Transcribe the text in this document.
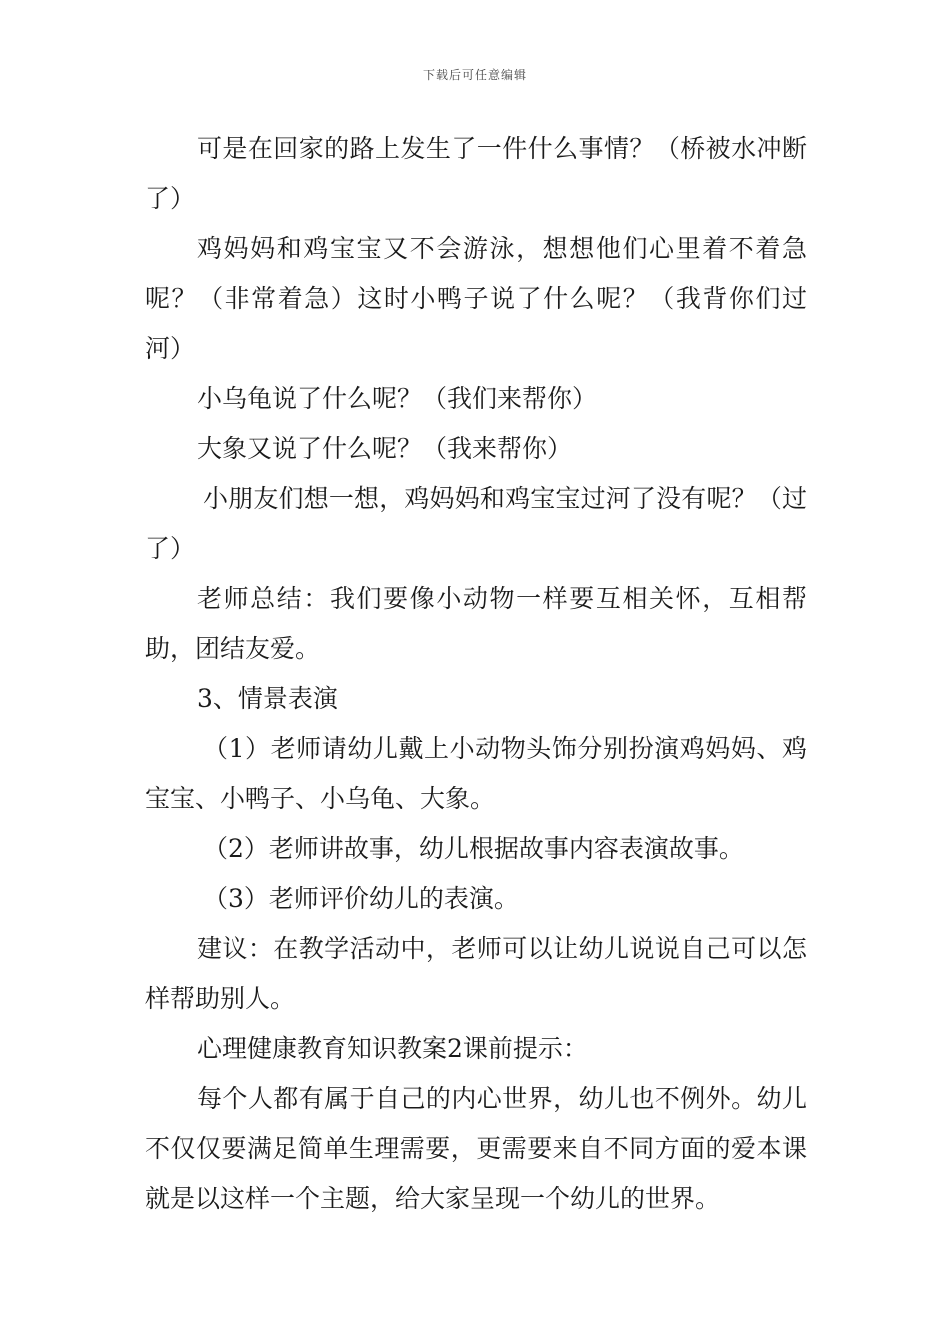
下载后可任意编辑

可是在回家的路上发生了一件什么事情？（桥被水冲断了）

鸡妈妈和鸡宝宝又不会游泳，想想他们心里着不着急呢？（非常着急）这时小鸭子说了什么呢？（我背你们过河）

小乌龟说了什么呢？（我们来帮你）

大象又说了什么呢？（我来帮你）

小朋友们想一想，鸡妈妈和鸡宝宝过河了没有呢？（过了）

老师总结：我们要像小动物一样要互相关怀，互相帮助，团结友爱。

3、情景表演

（1）老师请幼儿戴上小动物头饰分别扮演鸡妈妈、鸡宝宝、小鸭子、小乌龟、大象。

（2）老师讲故事，幼儿根据故事内容表演故事。

（3）老师评价幼儿的表演。

建议：在教学活动中，老师可以让幼儿说说自己可以怎样帮助别人。

心理健康教育知识教案2课前提示：

每个人都有属于自己的内心世界，幼儿也不例外。幼儿不仅仅要满足简单生理需要，更需要来自不同方面的爱本课就是以这样一个主题，给大家呈现一个幼儿的世界。
